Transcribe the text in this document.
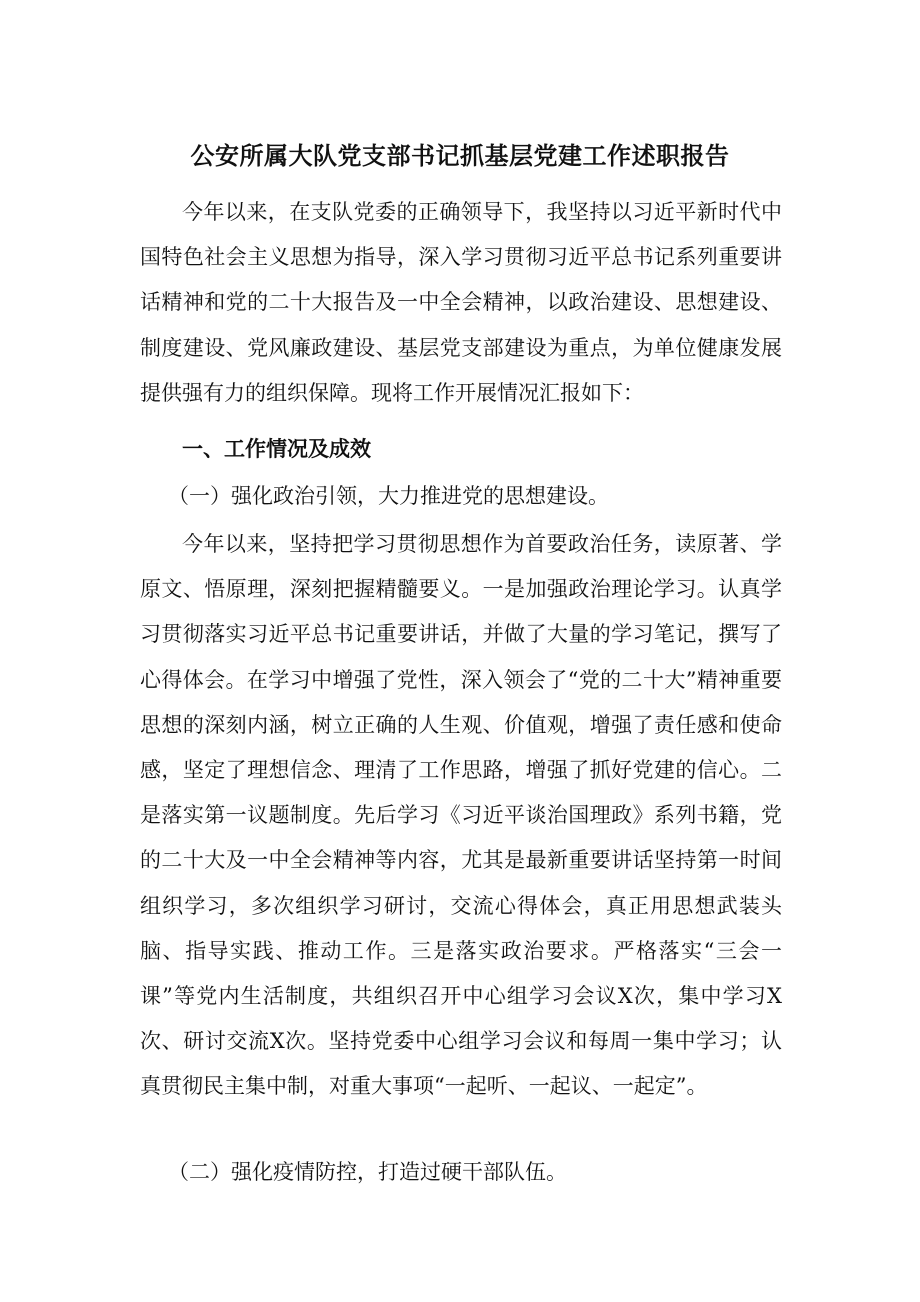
公安所属大队党支部书记抓基层党建工作述职报告

今年以来，在支队党委的正确领导下，我坚持以习近平新时代中国特色社会主义思想为指导，深入学习贯彻习近平总书记系列重要讲话精神和党的二十大报告及一中全会精神，以政治建设、思想建设、制度建设、党风廉政建设、基层党支部建设为重点，为单位健康发展提供强有力的组织保障。现将工作开展情况汇报如下：

一、工作情况及成效

（一）强化政治引领，大力推进党的思想建设。

今年以来，坚持把学习贯彻思想作为首要政治任务，读原著、学原文、悟原理，深刻把握精髓要义。一是加强政治理论学习。认真学习贯彻落实习近平总书记重要讲话，并做了大量的学习笔记，撰写了心得体会。在学习中增强了党性，深入领会了“党的二十大”精神重要思想的深刻内涵，树立正确的人生观、价值观，增强了责任感和使命感，坚定了理想信念、理清了工作思路，增强了抓好党建的信心。二是落实第一议题制度。先后学习《习近平谈治国理政》系列书籍，党的二十大及一中全会精神等内容，尤其是最新重要讲话坚持第一时间组织学习，多次组织学习研讨，交流心得体会，真正用思想武装头脑、指导实践、推动工作。三是落实政治要求。严格落实“三会一课”等党内生活制度，共组织召开中心组学习会议X次，集中学习X次、研讨交流X次。坚持党委中心组学习会议和每周一集中学习；认真贯彻民主集中制，对重大事项“一起听、一起议、一起定”。

（二）强化疫情防控，打造过硬干部队伍。
